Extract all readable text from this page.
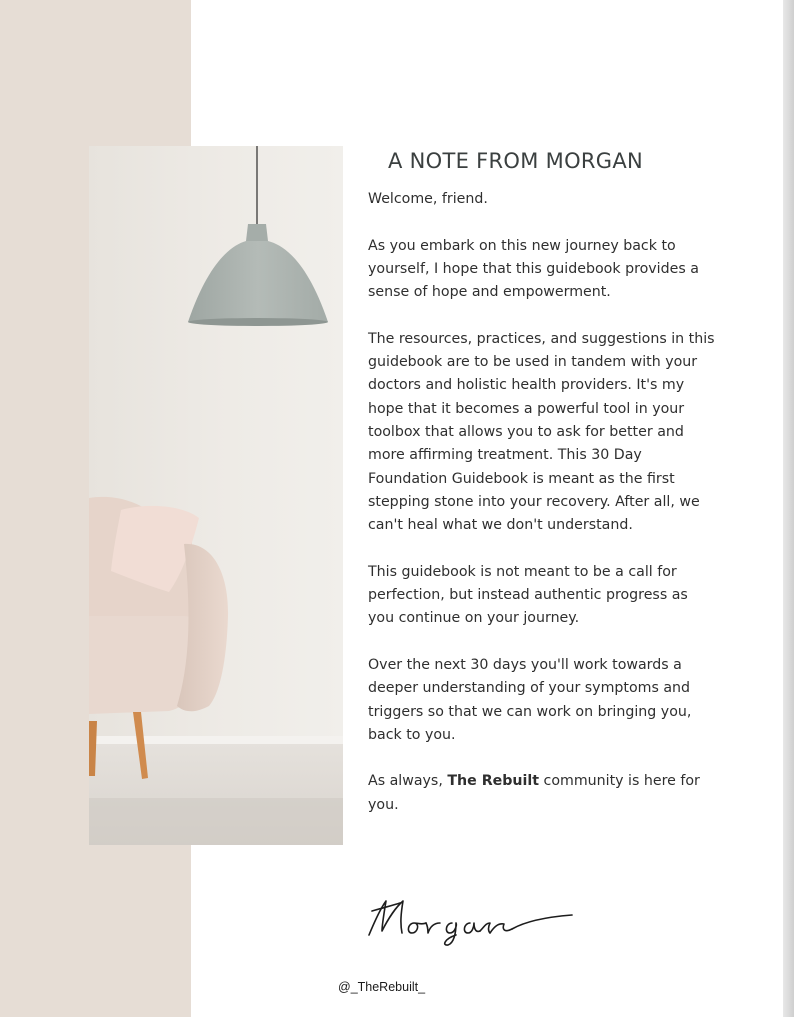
A NOTE FROM MORGAN

Welcome, friend.

As you embark on this new journey back to yourself, I hope that this guidebook provides a sense of hope and empowerment.

The resources, practices, and suggestions in this guidebook are to be used in tandem with your doctors and holistic health providers. It's my hope that it becomes a powerful tool in your toolbox that allows you to ask for better and more affirming treatment. This 30 Day Foundation Guidebook is meant as the first stepping stone into your recovery. After all, we can't heal what we don't understand.

This guidebook is not meant to be a call for perfection, but instead authentic progress as you continue on your journey.

Over the next 30 days you'll work towards a deeper understanding of your symptoms and triggers so that we can work on bringing you, back to you.

As always, The Rebuilt community is here for you.

@_TheRebuilt_
